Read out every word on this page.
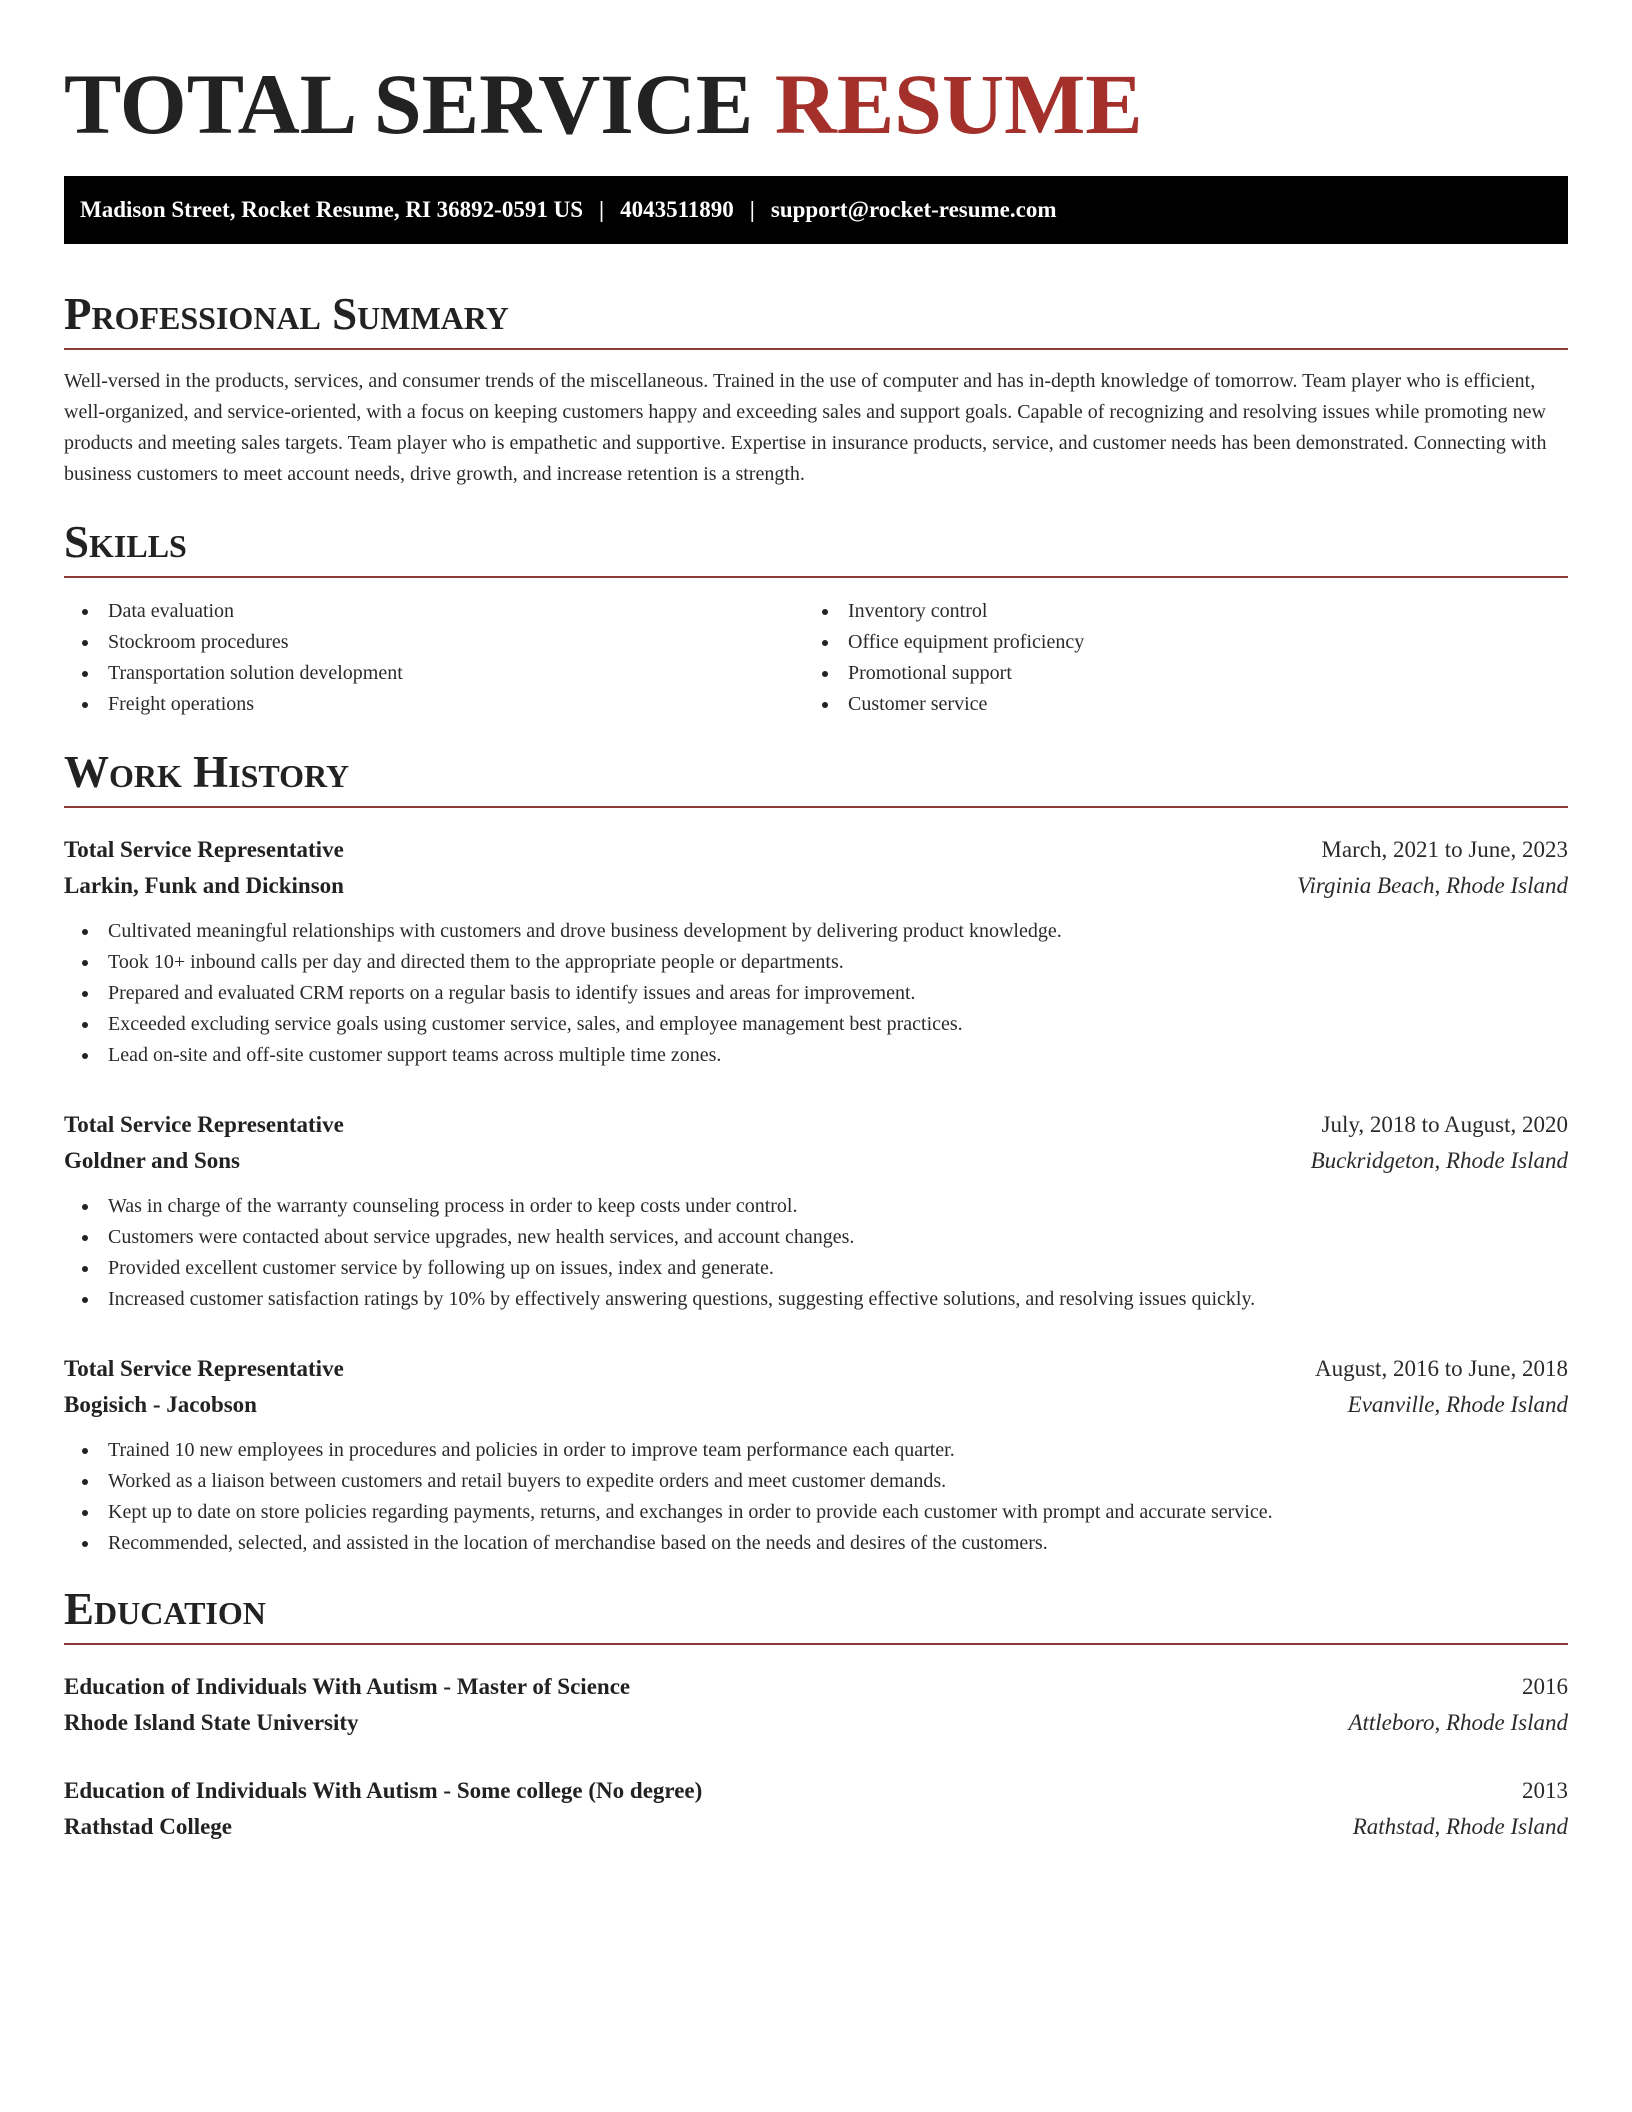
TOTAL SERVICE RESUME
Madison Street, Rocket Resume, RI 36892-0591 US | 4043511890 | support@rocket-resume.com
Professional Summary

Well-versed in the products, services, and consumer trends of the miscellaneous. Trained in the use of computer and has in-depth knowledge of tomorrow. Team player who is efficient, well-organized, and service-oriented, with a focus on keeping customers happy and exceeding sales and support goals. Capable of recognizing and resolving issues while promoting new products and meeting sales targets. Team player who is empathetic and supportive. Expertise in insurance products, service, and customer needs has been demonstrated. Connecting with business customers to meet account needs, drive growth, and increase retention is a strength.

Skills
Data evaluation
Stockroom procedures
Transportation solution development
Freight operations
Inventory control
Office equipment proficiency
Promotional support
Customer service
Work History
Total Service Representative	March, 2021 to June, 2023
Larkin, Funk and Dickinson	Virginia Beach, Rhode Island
Cultivated meaningful relationships with customers and drove business development by delivering product knowledge.
Took 10+ inbound calls per day and directed them to the appropriate people or departments.
Prepared and evaluated CRM reports on a regular basis to identify issues and areas for improvement.
Exceeded excluding service goals using customer service, sales, and employee management best practices.
Lead on-site and off-site customer support teams across multiple time zones.
Total Service Representative	July, 2018 to August, 2020
Goldner and Sons	Buckridgeton, Rhode Island
Was in charge of the warranty counseling process in order to keep costs under control.
Customers were contacted about service upgrades, new health services, and account changes.
Provided excellent customer service by following up on issues, index and generate.
Increased customer satisfaction ratings by 10% by effectively answering questions, suggesting effective solutions, and resolving issues quickly.
Total Service Representative	August, 2016 to June, 2018
Bogisich - Jacobson	Evanville, Rhode Island
Trained 10 new employees in procedures and policies in order to improve team performance each quarter.
Worked as a liaison between customers and retail buyers to expedite orders and meet customer demands.
Kept up to date on store policies regarding payments, returns, and exchanges in order to provide each customer with prompt and accurate service.
Recommended, selected, and assisted in the location of merchandise based on the needs and desires of the customers.
Education
Education of Individuals With Autism - Master of Science	2016
Rhode Island State University	Attleboro, Rhode Island
Education of Individuals With Autism - Some college (No degree)	2013
Rathstad College	Rathstad, Rhode Island
